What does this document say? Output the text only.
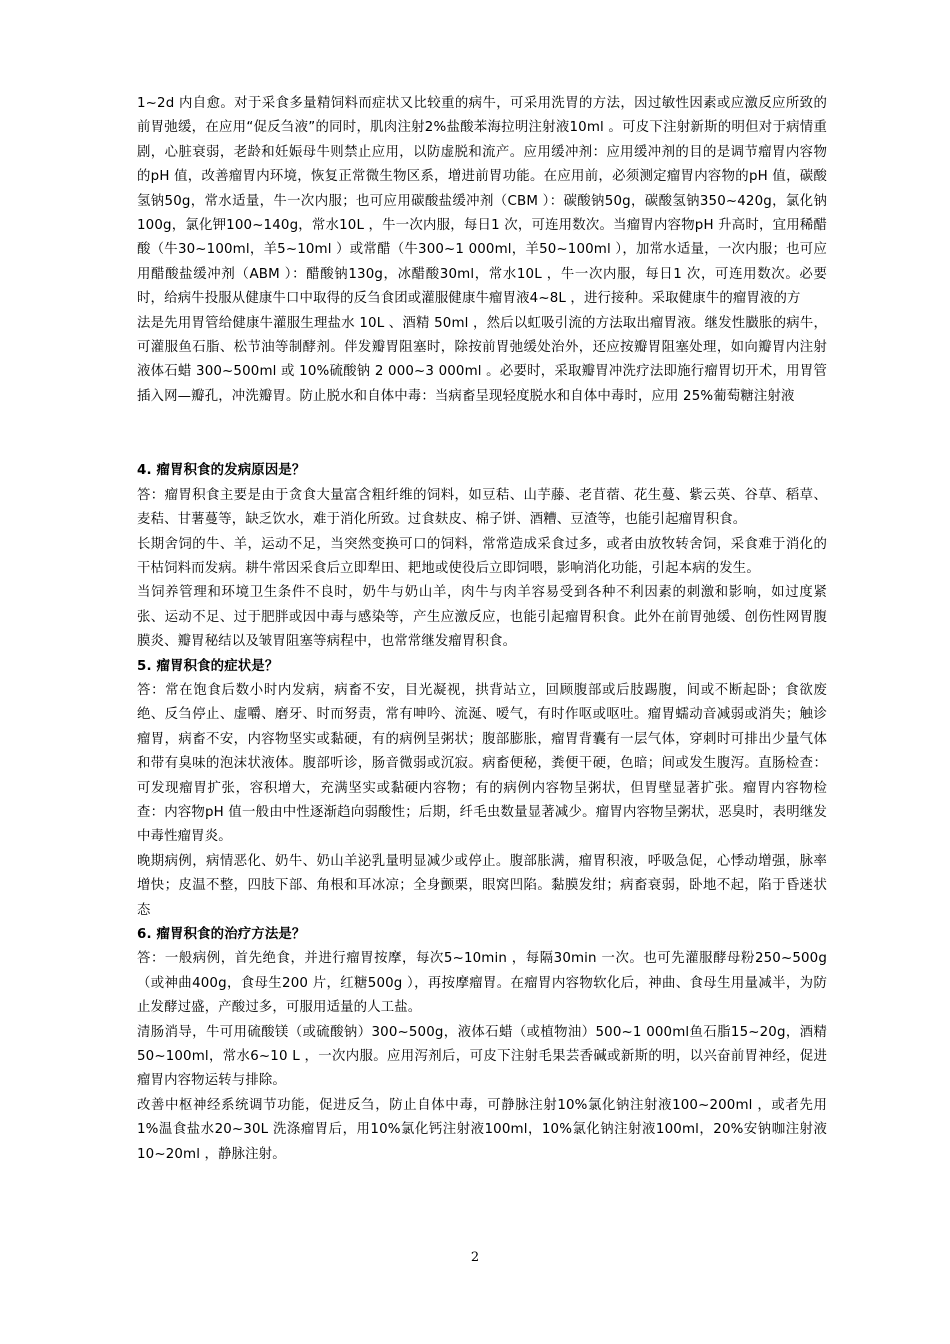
1~2d 内自愈。对于采食多量精饲料而症状又比较重的病牛，可采用洗胃的方法，因过敏性因素或应激反应所致的前胃弛缓，在应用“促反刍液”的同时，肌肉注射2%盐酸苯海拉明注射液10ml 。可皮下注射新斯的明但对于病情重剧，心脏衰弱，老龄和妊娠母牛则禁止应用，以防虚脱和流产。应用缓冲剂：应用缓冲剂的目的是调节瘤胃内容物的pH 值，改善瘤胃内环境，恢复正常微生物区系，增进前胃功能。在应用前，必须测定瘤胃内容物的pH 值，碳酸氢钠50g，常水适量，牛一次内服；也可应用碳酸盐缓冲剂（CBM ）：碳酸钠50g，碳酸氢钠350~420g，氯化钠100g，氯化钾100~140g，常水10L ，牛一次内服，每日1 次，可连用数次。当瘤胃内容物pH 升高时，宜用稀醋酸（牛30~100ml，羊5~10ml ）或常醋（牛300~1 000ml，羊50~100ml ），加常水适量，一次内服；也可应用醋酸盐缓冲剂（ABM ）：醋酸钠130g，冰醋酸30ml，常水10L ，牛一次内服，每日1 次，可连用数次。必要时，给病牛投服从健康牛口中取得的反刍食团或灌服健康牛瘤胃液4~8L ，进行接种。采取健康牛的瘤胃液的方

法是先用胃管给健康牛灌服生理盐水 10L 、酒精 50ml ，然后以虹吸引流的方法取出瘤胃液。继发性臌胀的病牛，可灌服鱼石脂、松节油等制酵剂。伴发瓣胃阻塞时，除按前胃弛缓处治外，还应按瓣胃阻塞处理，如向瓣胃内注射液体石蜡 300~500ml 或 10%硫酸钠 2 000~3 000ml 。必要时，采取瓣胃冲洗疗法即施行瘤胃切开术，用胃管插入网—瓣孔，冲洗瓣胃。防止脱水和自体中毒：当病畜呈现轻度脱水和自体中毒时，应用 25%葡萄糖注射液

4. 瘤胃积食的发病原因是？

答：瘤胃积食主要是由于贪食大量富含粗纤维的饲料，如豆秸、山芋藤、老苜蓿、花生蔓、紫云英、谷草、稻草、麦秸、甘薯蔓等，缺乏饮水，难于消化所致。过食麸皮、棉子饼、酒糟、豆渣等，也能引起瘤胃积食。

长期舍饲的牛、羊，运动不足，当突然变换可口的饲料，常常造成采食过多，或者由放牧转舍饲，采食难于消化的干枯饲料而发病。耕牛常因采食后立即犁田、耙地或使役后立即饲喂，影响消化功能，引起本病的发生。

当饲养管理和环境卫生条件不良时，奶牛与奶山羊，肉牛与肉羊容易受到各种不利因素的刺激和影响，如过度紧张、运动不足、过于肥胖或因中毒与感染等，产生应激反应，也能引起瘤胃积食。此外在前胃弛缓、创伤性网胃腹膜炎、瓣胃秘结以及皱胃阻塞等病程中，也常常继发瘤胃积食。

5. 瘤胃积食的症状是？

答：常在饱食后数小时内发病，病畜不安，目光凝视，拱背站立，回顾腹部或后肢踢腹，间或不断起卧；食欲废绝、反刍停止、虚嚼、磨牙、时而努责，常有呻吟、流涎、嗳气，有时作呕或呕吐。瘤胃蠕动音减弱或消失；触诊瘤胃，病畜不安，内容物坚实或黏硬，有的病例呈粥状；腹部膨胀，瘤胃背囊有一层气体，穿刺时可排出少量气体和带有臭味的泡沫状液体。腹部听诊，肠音微弱或沉寂。病畜便秘，粪便干硬，色暗；间或发生腹泻。直肠检查：可发现瘤胃扩张，容积增大，充满坚实或黏硬内容物；有的病例内容物呈粥状，但胃壁显著扩张。瘤胃内容物检查：内容物pH 值一般由中性逐渐趋向弱酸性；后期，纤毛虫数量显著减少。瘤胃内容物呈粥状，恶臭时，表明继发中毒性瘤胃炎。

晚期病例，病情恶化、奶牛、奶山羊泌乳量明显减少或停止。腹部胀满，瘤胃积液，呼吸急促，心悸动增强，脉率增快；皮温不整，四肢下部、角根和耳冰凉；全身颤栗，眼窝凹陷。黏膜发绀；病畜衰弱，卧地不起，陷于昏迷状态

6. 瘤胃积食的治疗方法是？

答：一般病例，首先绝食，并进行瘤胃按摩，每次5~10min ，每隔30min 一次。也可先灌服酵母粉250~500g （或神曲400g，食母生200 片，红糖500g ），再按摩瘤胃。在瘤胃内容物软化后，神曲、食母生用量减半，为防止发酵过盛，产酸过多，可服用适量的人工盐。

清肠消导，牛可用硫酸镁（或硫酸钠）300~500g，液体石蜡（或植物油）500~1 000ml鱼石脂15~20g，酒精50~100ml，常水6~10 L ，一次内服。应用泻剂后，可皮下注射毛果芸香碱或新斯的明，以兴奋前胃神经，促进瘤胃内容物运转与排除。

改善中枢神经系统调节功能，促进反刍，防止自体中毒，可静脉注射10%氯化钠注射液100~200ml ，或者先用1%温食盐水20~30L 洗涤瘤胃后，用10%氯化钙注射液100ml，10%氯化钠注射液100ml，20%安钠咖注射液10~20ml ，静脉注射。

2
